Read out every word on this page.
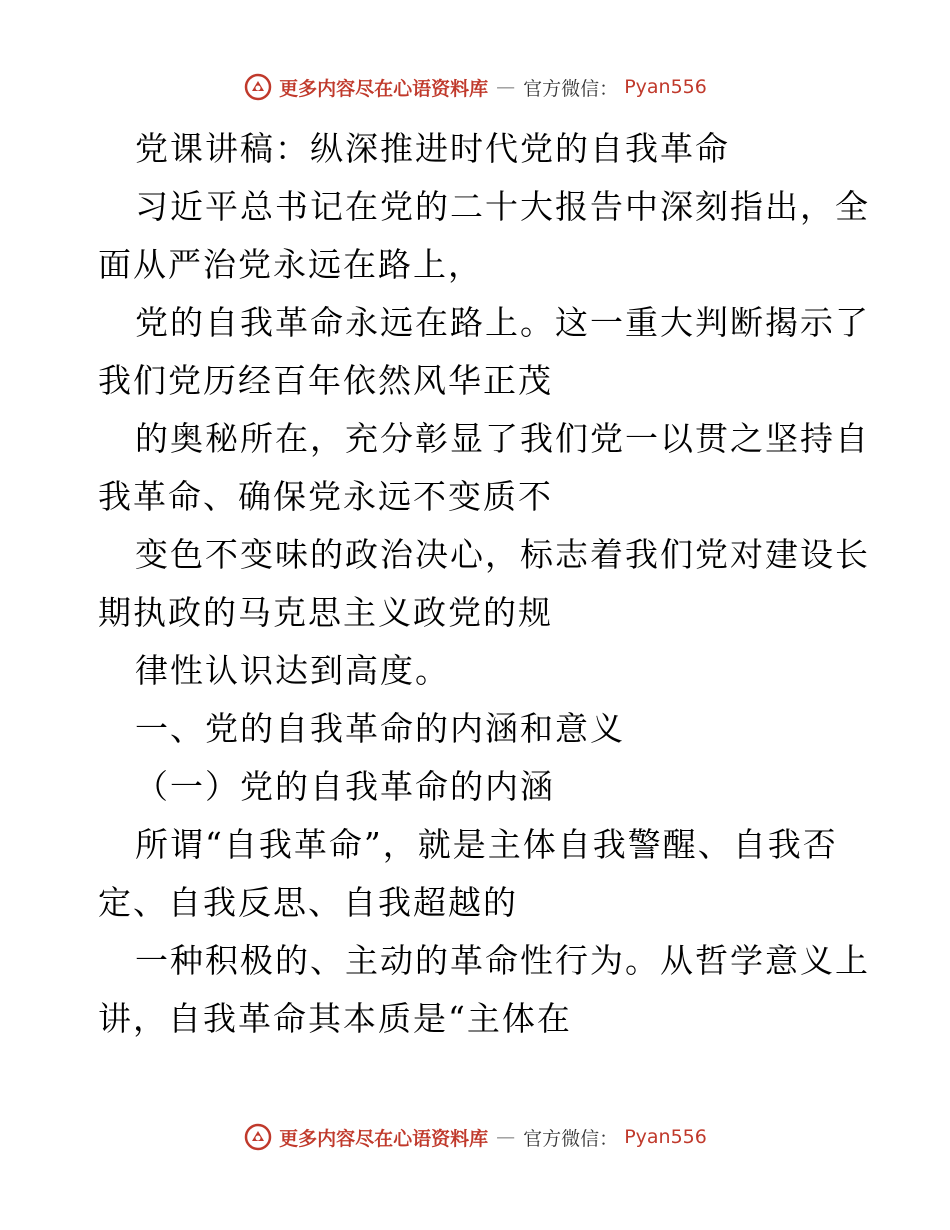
更多内容尽在心语资料库 — 官方微信： Pyan556
党课讲稿：纵深推进时代党的自我革命
习近平总书记在党的二十大报告中深刻指出，全
面从严治党永远在路上，
党的自我革命永远在路上。这一重大判断揭示了
我们党历经百年依然风华正茂
的奥秘所在，充分彰显了我们党一以贯之坚持自
我革命、确保党永远不变质不
变色不变味的政治决心，标志着我们党对建设长
期执政的马克思主义政党的规
律性认识达到高度。
一、党的自我革命的内涵和意义
（一）党的自我革命的内涵
所谓“自我革命”，就是主体自我警醒、自我否
定、自我反思、自我超越的
一种积极的、主动的革命性行为。从哲学意义上
讲，自我革命其本质是“主体在
更多内容尽在心语资料库 — 官方微信： Pyan556
